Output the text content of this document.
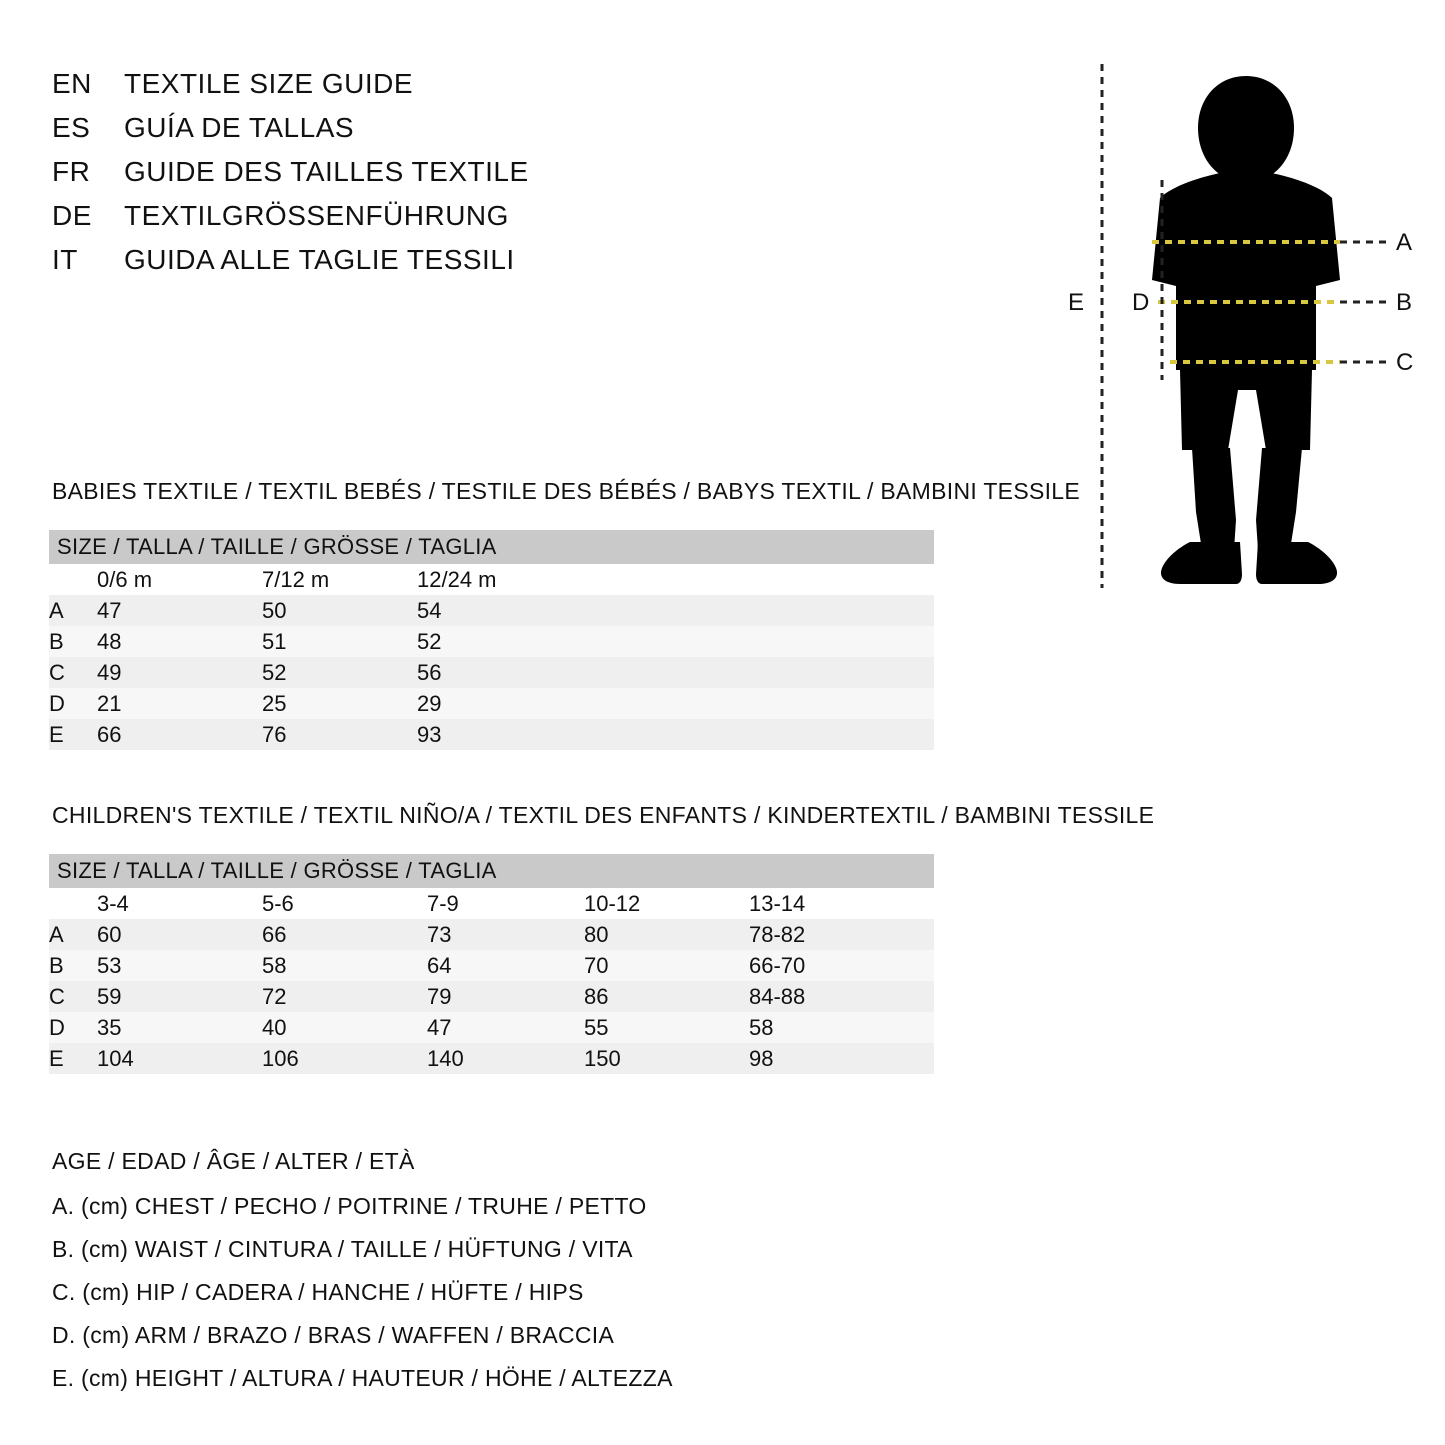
EN	TEXTILE SIZE GUIDE
ES	GUÍA DE TALLAS
FR	GUIDE DES TAILLES TEXTILE
DE	TEXTILGRÖSSENFÜHRUNG
IT	GUIDA ALLE TAGLIE TESSILI
A
B
C
D
E
BABIES TEXTILE / TEXTIL BEBÉS / TESTILE DES BÉBÉS / BABYS TEXTIL / BAMBINI TESSILE
SIZE / TALLA / TAILLE / GRÖSSE / TAGLIA			
	0/6 m	7/12 m	12/24 m
A	47	50	54
B	48	51	52
C	49	52	56
D	21	25	29
E	66	76	93
CHILDREN'S TEXTILE / TEXTIL NIÑO/A / TEXTIL DES ENFANTS / KINDERTEXTIL / BAMBINI TESSILE
SIZE / TALLA / TAILLE / GRÖSSE / TAGLIA					
	3-4	5-6	7-9	10-12	13-14
A	60	66	73	80	78-82
B	53	58	64	70	66-70
C	59	72	79	86	84-88
D	35	40	47	55	58
E	104	106	140	150	98
AGE / EDAD / ÂGE / ALTER / ETÀ
A. (cm) CHEST / PECHO / POITRINE / TRUHE / PETTO
B. (cm) WAIST / CINTURA / TAILLE / HÜFTUNG / VITA
C. (cm) HIP / CADERA / HANCHE / HÜFTE / HIPS
D. (cm) ARM / BRAZO / BRAS / WAFFEN / BRACCIA
E. (cm) HEIGHT / ALTURA / HAUTEUR / HÖHE / ALTEZZA
